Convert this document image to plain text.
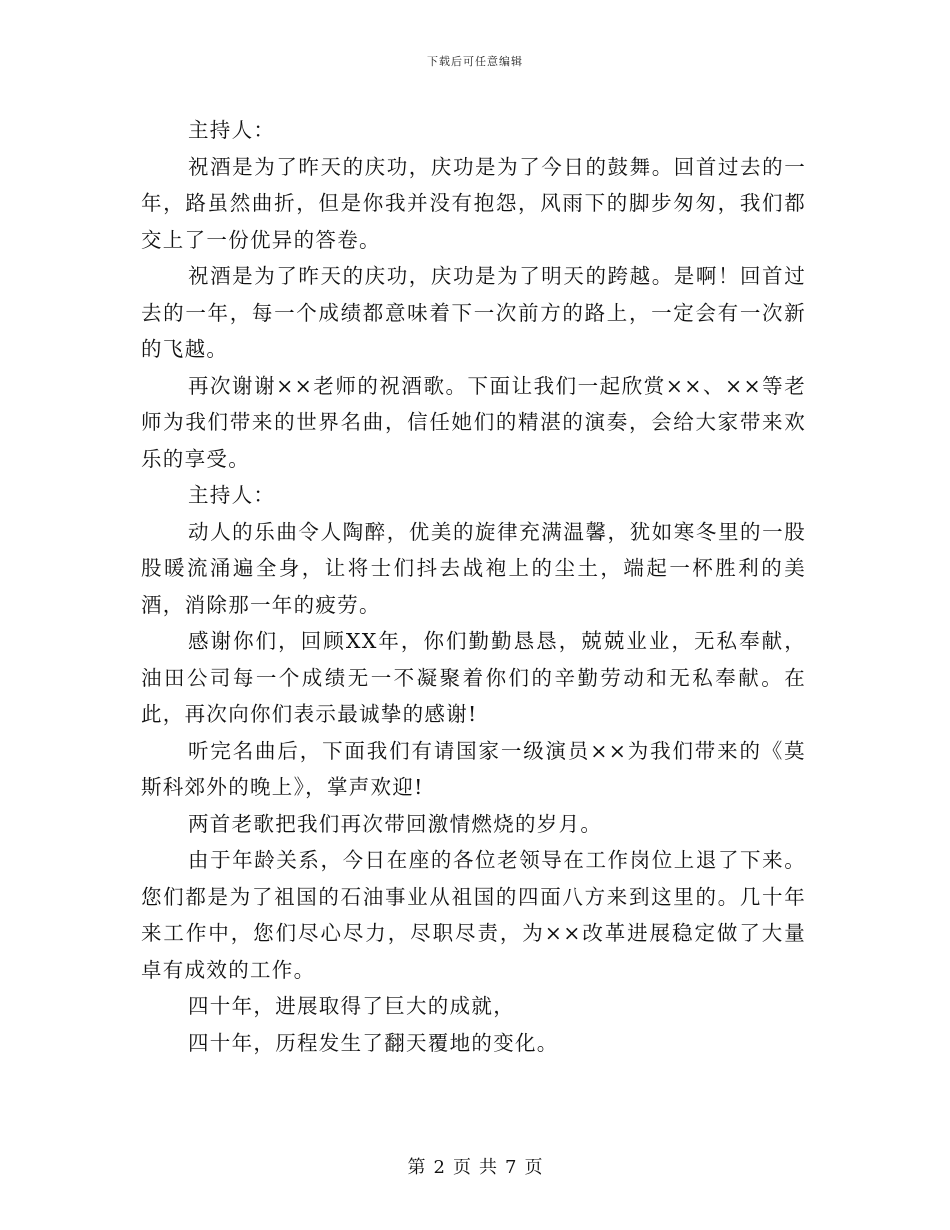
下载后可任意编辑

主持人：

祝酒是为了昨天的庆功，庆功是为了今日的鼓舞。回首过去的一年，路虽然曲折，但是你我并没有抱怨，风雨下的脚步匆匆，我们都交上了一份优异的答卷。

祝酒是为了昨天的庆功，庆功是为了明天的跨越。是啊！回首过去的一年，每一个成绩都意味着下一次前方的路上，一定会有一次新的飞越。

再次谢谢××老师的祝酒歌。下面让我们一起欣赏××、××等老师为我们带来的世界名曲，信任她们的精湛的演奏，会给大家带来欢乐的享受。

主持人：

动人的乐曲令人陶醉，优美的旋律充满温馨，犹如寒冬里的一股股暖流涌遍全身，让将士们抖去战袍上的尘土，端起一杯胜利的美酒，消除那一年的疲劳。

感谢你们，回顾XX年，你们勤勤恳恳，兢兢业业，无私奉献，油田公司每一个成绩无一不凝聚着你们的辛勤劳动和无私奉献。在此，再次向你们表示最诚挚的感谢!

听完名曲后，下面我们有请国家一级演员××为我们带来的《莫斯科郊外的晚上》，掌声欢迎!

两首老歌把我们再次带回激情燃烧的岁月。

由于年龄关系，今日在座的各位老领导在工作岗位上退了下来。您们都是为了祖国的石油事业从祖国的四面八方来到这里的。几十年来工作中，您们尽心尽力，尽职尽责，为××改革进展稳定做了大量卓有成效的工作。

四十年，进展取得了巨大的成就，

四十年，历程发生了翻天覆地的变化。

第 2 页 共 7 页
